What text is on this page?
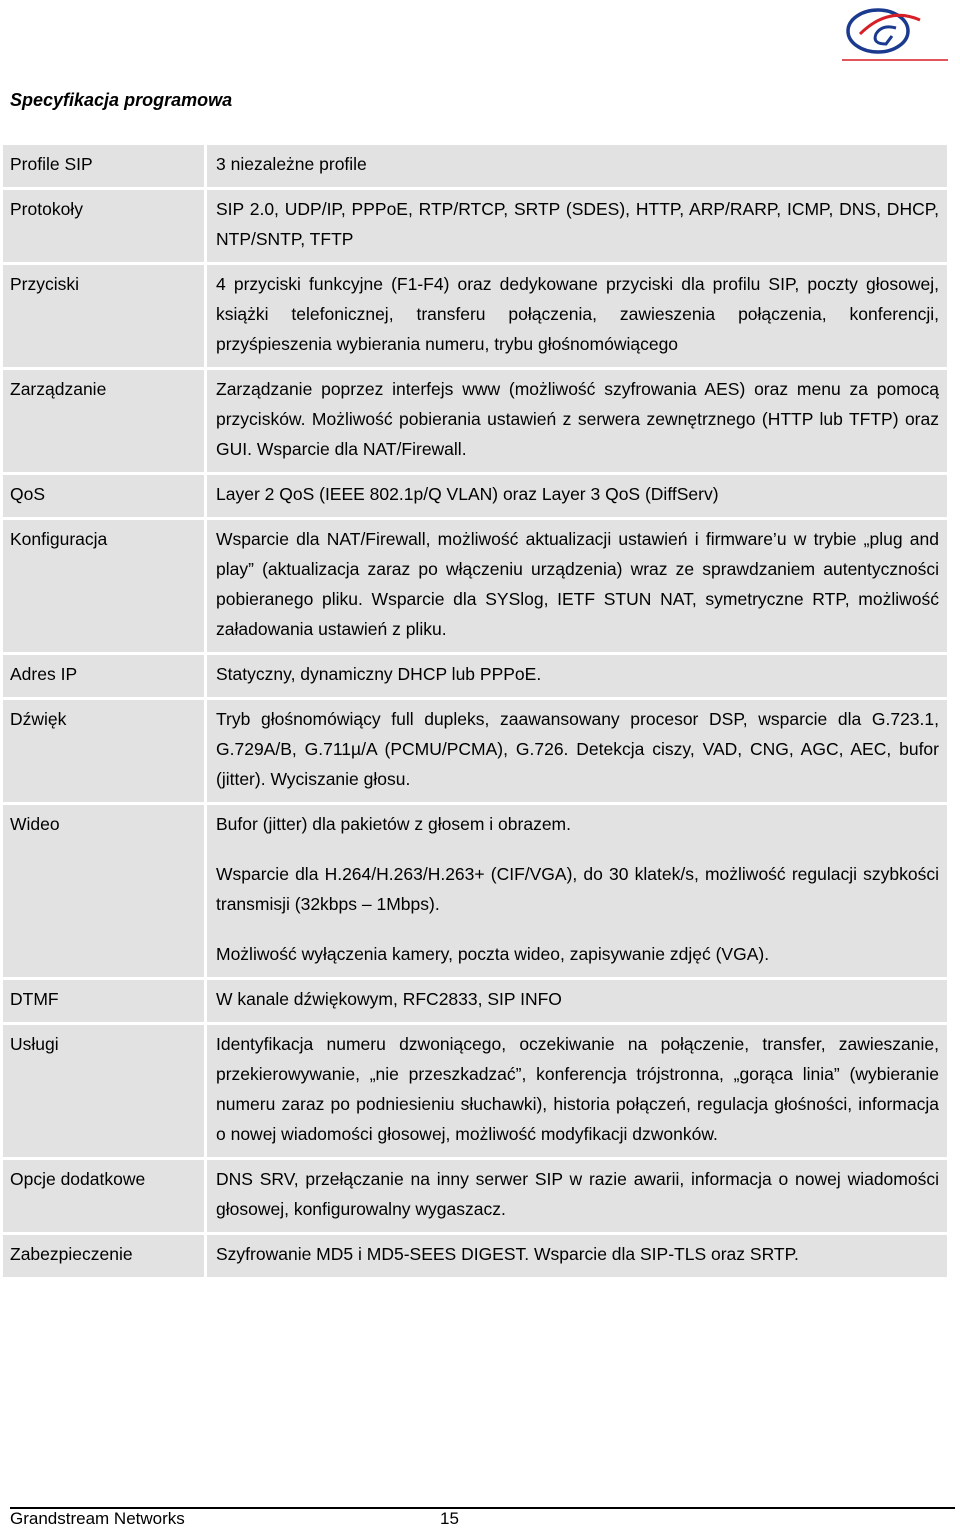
Specyfikacja programowa
Profile SIP	3 niezależne profile

Protokoły	SIP 2.0, UDP/IP, PPPoE, RTP/RTCP, SRTP (SDES), HTTP, ARP/RARP, ICMP, DNS, DHCP, NTP/SNTP, TFTP

Przyciski	4 przyciski funkcyjne (F1-F4) oraz dedykowane przyciski dla profilu SIP, poczty głosowej, książki telefonicznej, transferu połączenia, zawieszenia połączenia, konferencji, przyśpieszenia wybierania numeru, trybu głośnomówiącego

Zarządzanie	Zarządzanie poprzez interfejs www (możliwość szyfrowania AES) oraz menu za pomocą przycisków. Możliwość pobierania ustawień z serwera zewnętrznego (HTTP lub TFTP) oraz GUI. Wsparcie dla NAT/Firewall.

QoS	Layer 2 QoS (IEEE 802.1p/Q VLAN) oraz Layer 3 QoS (DiffServ)

Konfiguracja	Wsparcie dla NAT/Firewall, możliwość aktualizacji ustawień i firmware’u w trybie „plug and play” (aktualizacja zaraz po włączeniu urządzenia) wraz ze sprawdzaniem autentyczności pobieranego pliku. Wsparcie dla SYSlog, IETF STUN NAT, symetryczne RTP, możliwość załadowania ustawień z pliku.

Adres IP	Statyczny, dynamiczny DHCP lub PPPoE.

Dźwięk	Tryb głośnomówiący full dupleks, zaawansowany procesor DSP, wsparcie dla G.723.1, G.729A/B, G.711µ/A (PCMU/PCMA), G.726. Detekcja ciszy, VAD, CNG, AGC, AEC, bufor (jitter). Wyciszanie głosu.

Wideo	Bufor (jitter) dla pakietów z głosem i obrazem.

Wsparcie dla H.264/H.263/H.263+ (CIF/VGA), do 30 klatek/s, możliwość regulacji szybkości transmisji (32kbps – 1Mbps).

Możliwość wyłączenia kamery, poczta wideo, zapisywanie zdjęć (VGA).

DTMF	W kanale dźwiękowym, RFC2833, SIP INFO

Usługi	Identyfikacja numeru dzwoniącego, oczekiwanie na połączenie, transfer, zawieszanie, przekierowywanie, „nie przeszkadzać”, konferencja trójstronna, „gorąca linia” (wybieranie numeru zaraz po podniesieniu słuchawki), historia połączeń, regulacja głośności, informacja o nowej wiadomości głosowej, możliwość modyfikacji dzwonków.

Opcje dodatkowe	DNS SRV, przełączanie na inny serwer SIP w razie awarii, informacja o nowej wiadomości głosowej, konfigurowalny wygaszacz.

Zabezpieczenie	Szyfrowanie MD5 i MD5-SEES DIGEST. Wsparcie dla SIP-TLS oraz SRTP.

Grandstream Networks	15
